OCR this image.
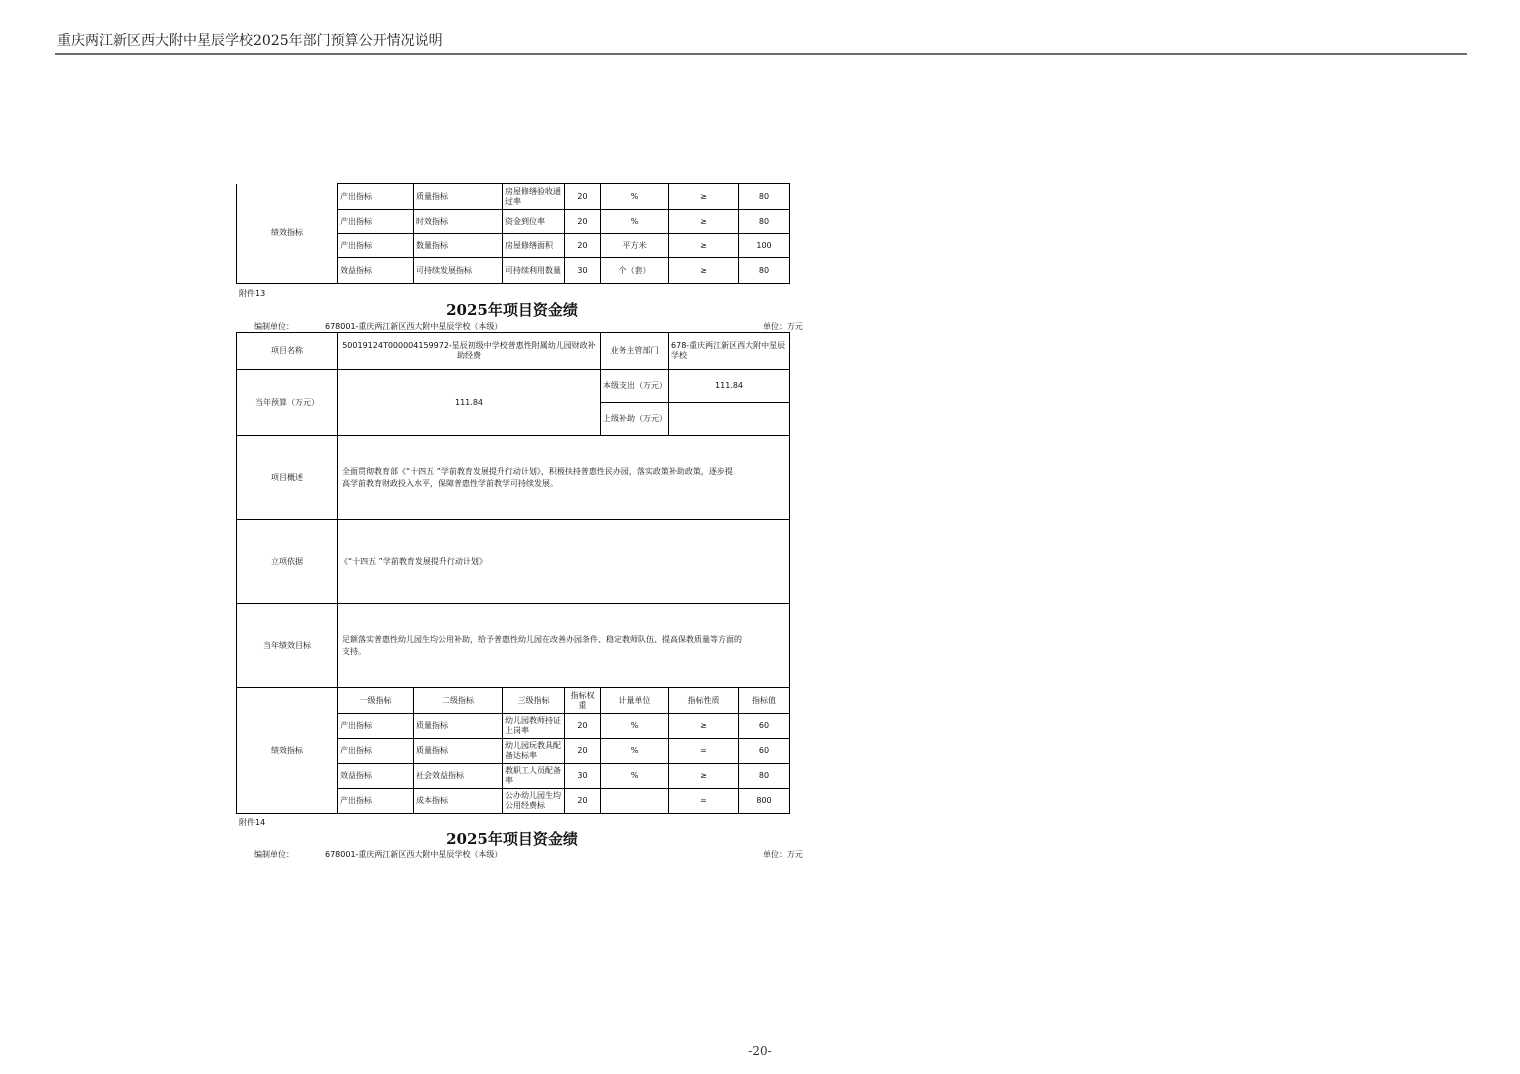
重庆两江新区西大附中星辰学校2025年部门预算公开情况说明
绩效指标	产出指标	质量指标	房屋修缮验收通过率	20	%	≥	80
	产出指标	时效指标	资金到位率	20	%	≥	80
	产出指标	数量指标	房屋修缮面积	20	平方米	≥	100
	效益指标	可持续发展指标	可持续利用数量	30	个（套）	≥	80
附件13
2025年项目资金绩
编制单位：	678001-重庆两江新区西大附中星辰学校（本级）	单位：万元
项目名称	50019124T000004159972-星辰初级中学校普惠性附属幼儿园财政补助经费				业务主管部门	678-重庆两江新区西大附中星辰学校	
当年预算（万元）	111.84				本级支出（万元）	111.84	
					上级补助（万元）		
项目概述	全面贯彻教育部《“十四五 ”学前教育发展提升行动计划》，积极扶持普惠性民办园，落实政策补助政策，逐步提
高学前教育财政投入水平，保障普惠性学前教学可持续发展。						

立项依据	《“十四五 ”学前教育发展提升行动计划》						
当年绩效目标	足额落实普惠性幼儿园生均公用补助，给予普惠性幼儿园在改善办园条件、稳定教师队伍、提高保教质量等方面的
支持。						

绩效指标	一级指标	二级指标	三级指标	指标权重	计量单位	指标性质	指标值
	产出指标	质量指标	幼儿园教师持证上岗率	20	%	≥	60
	产出指标	质量指标	幼儿园玩教具配备达标率	20	%	=	60
	效益指标	社会效益指标	教职工人员配备率	30	%	≥	80
	产出指标	成本指标	公办幼儿园生均公用经费标	20		=	800
附件14
2025年项目资金绩
编制单位：	678001-重庆两江新区西大附中星辰学校（本级）	单位：万元
-20-
